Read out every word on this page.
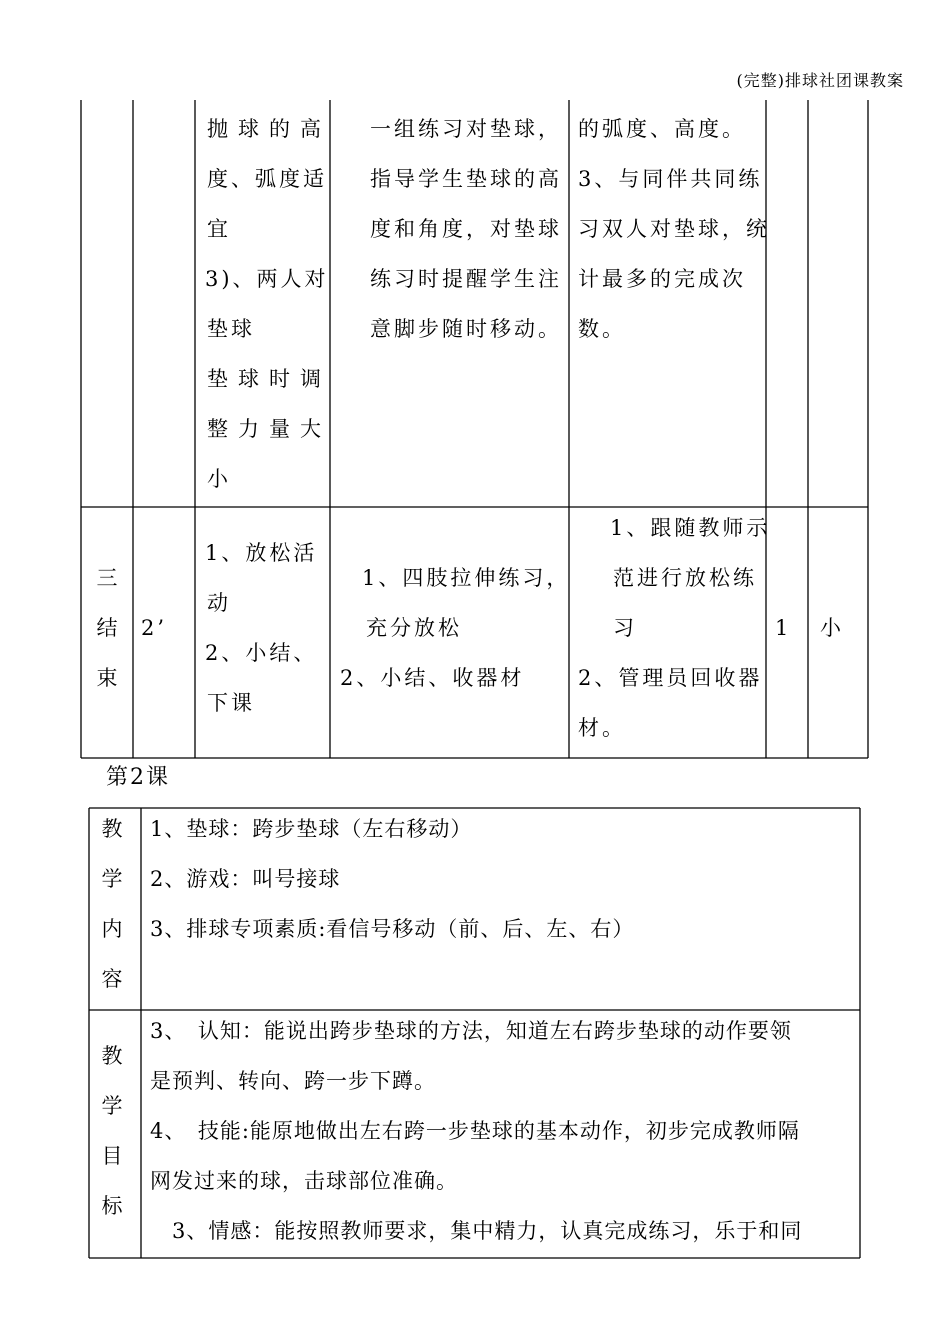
(完整)排球社团课教案
抛球的高
度、弧度适
宜
3)、两人对
垫球
垫球时调
整力量大
小
一组练习对垫球，
指导学生垫球的高
度和角度，对垫球
练习时提醒学生注
意脚步随时移动。
的弧度、高度。
3、与同伴共同练
习双人对垫球，统
计最多的完成次
数。
三
结
束
2’
1、放松活
动
2、小结、
下课
1、四肢拉伸练习，
充分放松
2、小结、收器材
1、跟随教师示
范进行放松练
习
2、管理员回收器
材。
1 小
第2课
教
学
内
容
1、垫球：跨步垫球（左右移动）
2、游戏：叫号接球
3、排球专项素质:看信号移动（前、后、左、右）
教
学
目
标
3、　认知：能说出跨步垫球的方法，知道左右跨步垫球的动作要领
是预判、转向、跨一步下蹲。
4、　技能:能原地做出左右跨一步垫球的基本动作，初步完成教师隔
网发过来的球，击球部位准确。
　3、情感：能按照教师要求，集中精力，认真完成练习，乐于和同
